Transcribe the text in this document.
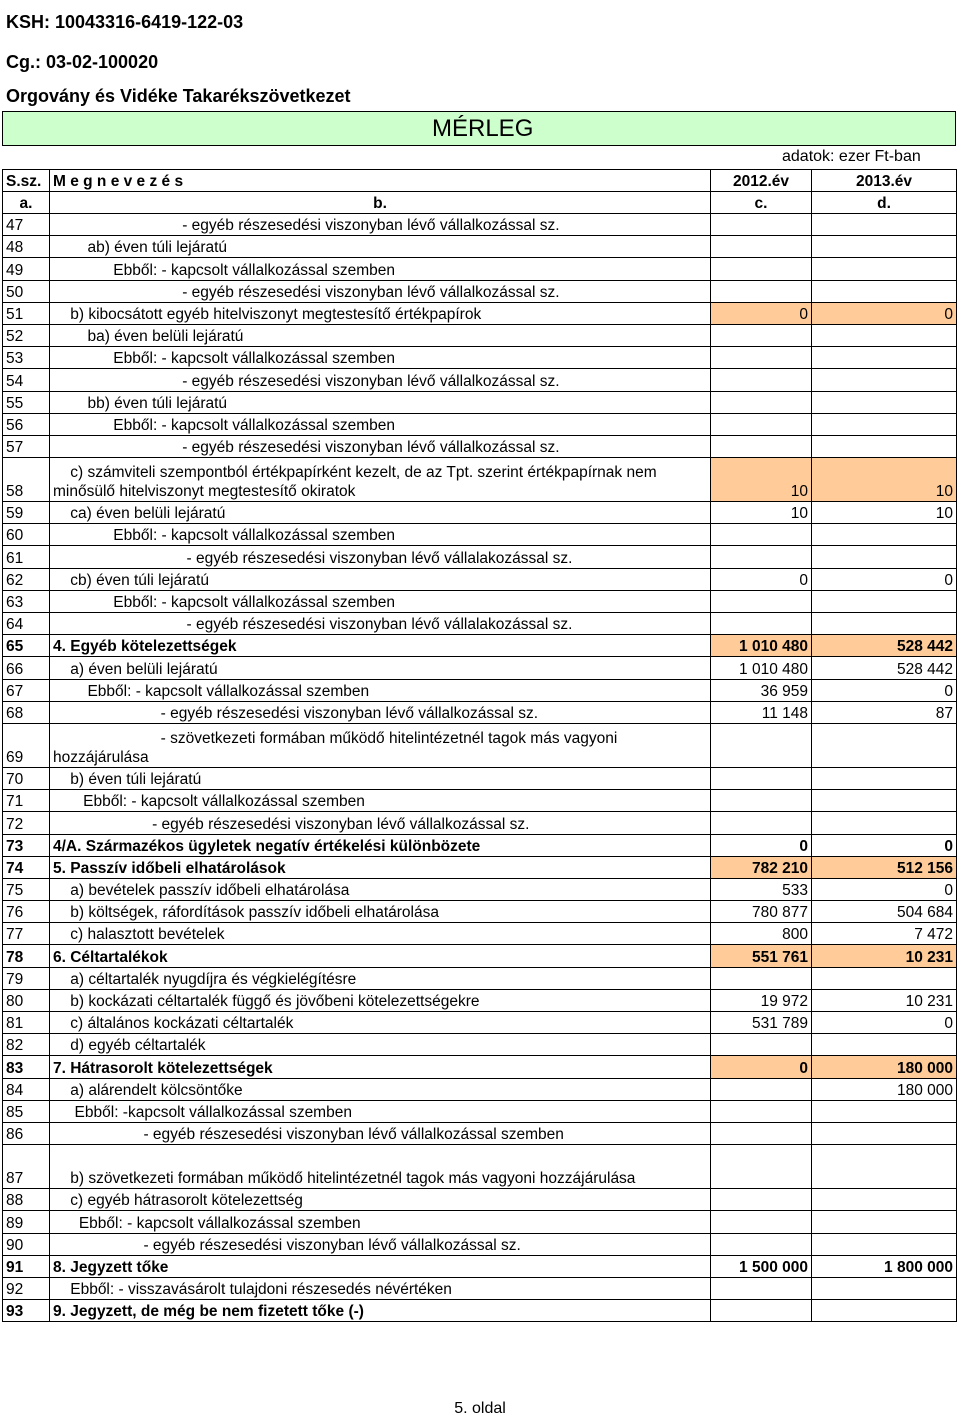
KSH: 10043316-6419-122-03
Cg.: 03-02-100020
Orgovány és Vidéke Takarékszövetkezet
MÉRLEG
adatok: ezer Ft-ban
S.sz.	M e g n e v e z é s	2012.év	2013.év
a.	b.	c.	d.
47	- egyéb részesedési viszonyban lévő vállalkozással sz.		
48	ab) éven túli lejáratú		
49	Ebből: - kapcsolt vállalkozással szemben		
50	- egyéb részesedési viszonyban lévő vállalkozással sz.		
51	b) kibocsátott egyéb hitelviszonyt megtestesítő értékpapírok	0	0
52	ba) éven belüli lejáratú		
53	Ebből: - kapcsolt vállalkozással szemben		
54	- egyéb részesedési viszonyban lévő vállalkozással sz.		
55	bb) éven túli lejáratú		
56	Ebből: - kapcsolt vállalkozással szemben		
57	- egyéb részesedési viszonyban lévő vállalkozással sz.		
58	c) számviteli szempontból értékpapírként kezelt, de az Tpt. szerint értékpapírnak nem minősülő hitelviszonyt megtestesítő okiratok	10	10
59	ca) éven belüli lejáratú	10	10
60	Ebből: - kapcsolt vállalkozással szemben		
61	- egyéb részesedési viszonyban lévő vállalakozással sz.		
62	cb) éven túli lejáratú	0	0
63	Ebből: - kapcsolt vállalkozással szemben		
64	- egyéb részesedési viszonyban lévő vállalakozással sz.		
65	4. Egyéb kötelezettségek	1 010 480	528 442
66	a) éven belüli lejáratú	1 010 480	528 442
67	Ebből: - kapcsolt vállalkozással szemben	36 959	0
68	- egyéb részesedési viszonyban lévő vállalkozással sz.	11 148	87
69	- szövetkezeti formában működő hitelintézetnél tagok más vagyoni hozzájárulása		
70	b) éven túli lejáratú		
71	Ebből: - kapcsolt vállalkozással szemben		
72	- egyéb részesedési viszonyban lévő vállalkozással sz.		
73	4/A. Származékos ügyletek negatív értékelési különbözete	0	0
74	5. Passzív időbeli elhatárolások	782 210	512 156
75	a) bevételek passzív időbeli elhatárolása	533	0
76	b) költségek, ráfordítások passzív időbeli elhatárolása	780 877	504 684
77	c) halasztott bevételek	800	7 472
78	6. Céltartalékok	551 761	10 231
79	a) céltartalék nyugdíjra és végkielégítésre		
80	b) kockázati céltartalék függő és jövőbeni kötelezettségekre	19 972	10 231
81	c) általános kockázati céltartalék	531 789	0
82	d) egyéb céltartalék		
83	7. Hátrasorolt kötelezettségek	0	180 000
84	a) alárendelt kölcsöntőke		180 000
85	Ebből: -kapcsolt vállalkozással szemben		
86	- egyéb részesedési viszonyban lévő vállalkozással szemben		
87	b) szövetkezeti formában működő hitelintézetnél tagok más vagyoni hozzájárulása		
88	c) egyéb hátrasorolt kötelezettség		
89	Ebből: - kapcsolt vállalkozással szemben		
90	- egyéb részesedési viszonyban lévő vállalkozással sz.		
91	8. Jegyzett tőke	1 500 000	1 800 000
92	Ebből: - visszavásárolt tulajdoni részesedés névértéken		
93	9. Jegyzett, de még be nem fizetett tőke (-)		
5. oldal
